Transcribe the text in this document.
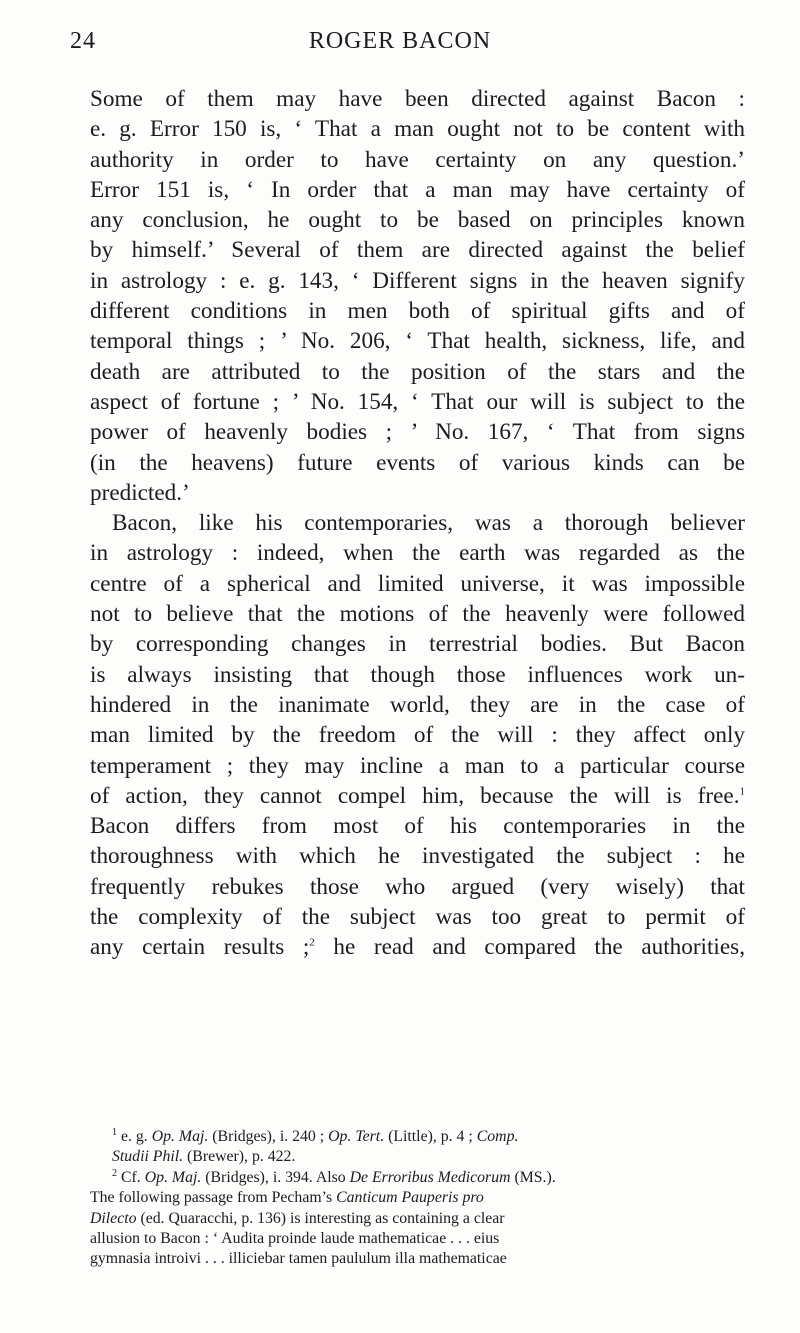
ROGER BACON
24
Some of them may have been directed against Bacon :
e. g. Error 150 is, ‘ That a man ought not to be content with
authority in order to have certainty on any question.’
Error 151 is, ‘ In order that a man may have certainty of
any conclusion, he ought to be based on principles known
by himself.’ Several of them are directed against the belief
in astrology : e. g. 143, ‘ Different signs in the heaven signify
different conditions in men both of spiritual gifts and of
temporal things ; ’ No. 206, ‘ That health, sickness, life, and
death are attributed to the position of the stars and the
aspect of fortune ; ’ No. 154, ‘ That our will is subject to the
power of heavenly bodies ; ’ No. 167, ‘ That from signs
(in the heavens) future events of various kinds can be
predicted.’
Bacon, like his contemporaries, was a thorough believer
in astrology : indeed, when the earth was regarded as the
centre of a spherical and limited universe, it was impossible
not to believe that the motions of the heavenly were followed
by corresponding changes in terrestrial bodies. But Bacon
is always insisting that though those influences work un-
hindered in the inanimate world, they are in the case of
man limited by the freedom of the will : they affect only
temperament ; they may incline a man to a particular course
of action, they cannot compel him, because the will is free.$^1$
Bacon differs from most of his contemporaries in the
thoroughness with which he investigated the subject : he
frequently rebukes those who argued (very wisely) that
the complexity of the subject was too great to permit of
any certain results ;$^2$ he read and compared the authorities,
$^1$ e. g. Op. Maj. (Bridges), i. 240 ; Op. Tert. (Little), p. 4 ; Comp.
Studii Phil. (Brewer), p. 422.
$^2$ Cf. Op. Maj. (Bridges), i. 394. Also De Erroribus Medicorum (MS.).
The following passage from Pecham’s Canticum Pauperis pro
Dilecto (ed. Quaracchi, p. 136) is interesting as containing a clear
allusion to Bacon : ‘ Audita proinde laude mathematicae . . . eius
gymnasia introivi . . . illiciebar tamen paululum illa mathematicae
